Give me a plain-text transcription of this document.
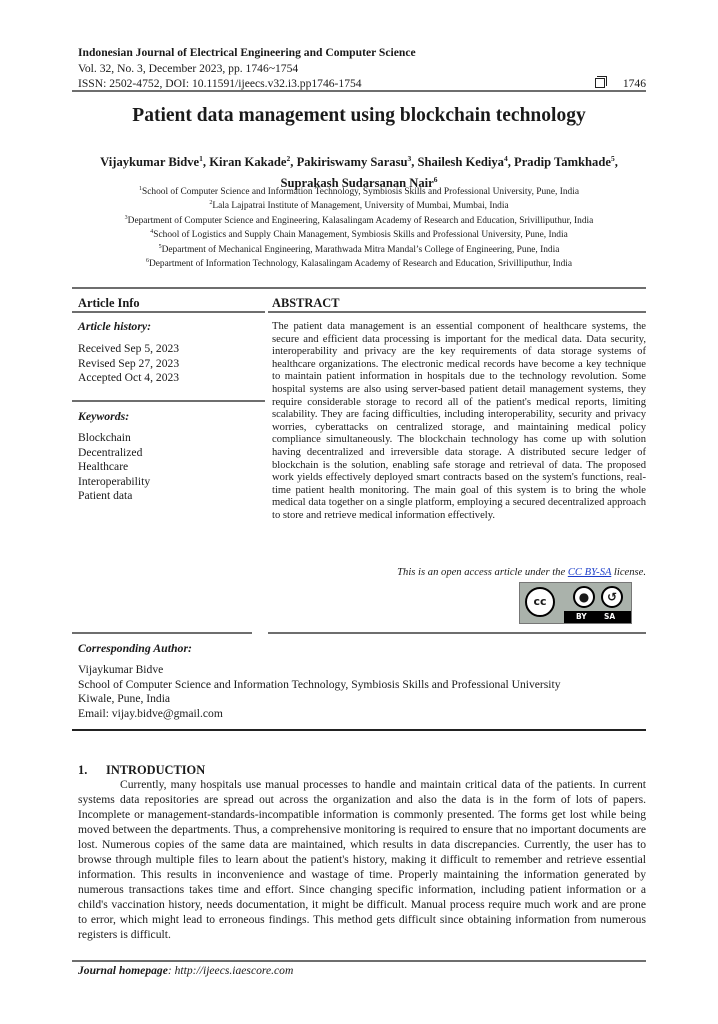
Indonesian Journal of Electrical Engineering and Computer Science
Vol. 32, No. 3, December 2023, pp. 1746~1754
ISSN: 2502-4752, DOI: 10.11591/ijeecs.v32.i3.pp1746-1754	1746
Patient data management using blockchain technology
Vijaykumar Bidve$^1$, Kiran Kakade$^2$, Pakiriswamy Sarasu$^3$, Shailesh Kediya$^4$, Pradip Tamkhade$^5$,
Suprakash Sudarsanan Nair$^6$
$^1$School of Computer Science and Information Technology, Symbiosis Skills and Professional University, Pune, India
$^2$Lala Lajpatrai Institute of Management, University of Mumbai, Mumbai, India
$^3$Department of Computer Science and Engineering, Kalasalingam Academy of Research and Education, Srivilliputhur, India
$^4$School of Logistics and Supply Chain Management, Symbiosis Skills and Professional University, Pune, India
$^5$Department of Mechanical Engineering, Marathwada Mitra Mandal’s College of Engineering, Pune, India
$^6$Department of Information Technology, Kalasalingam Academy of Research and Education, Srivilliputhur, India
Article Info
Article history:
Received Sep 5, 2023
Revised Sep 27, 2023
Accepted Oct 4, 2023
Keywords:
Blockchain
Decentralized
Healthcare
Interoperability
Patient data
ABSTRACT
The patient data management is an essential component of healthcare systems, the secure and efficient data processing is important for the medical data. Data security, interoperability and privacy are the key requirements of data storage systems of healthcare organizations. The electronic medical records have become a key technique to maintain patient information in hospitals due to the technology revolution. Some hospital systems are also using server-based patient detail management systems, they require considerable storage to record all of the patient's medical reports, limiting scalability. They are facing difficulties, including interoperability, security and privacy worries, cyberattacks on centralized storage, and maintaining medical policy compliance simultaneously. The blockchain technology has come up with solution having decentralized and irreversible data storage. A distributed secure ledger of blockchain is the solution, enabling safe storage and retrieval of data. The proposed work yields effectively deployed smart contracts based on the system's functions, real-time patient health monitoring. The main goal of this system is to bring the whole medical data together on a single platform, employing a secured decentralized approach to store and retrieve medical information effectively.
This is an open access article under the CC BY-SA license.
cc	●	↺
BY SA
Corresponding Author:
Vijaykumar Bidve
School of Computer Science and Information Technology, Symbiosis Skills and Professional University
Kiwale, Pune, India
Email: vijay.bidve@gmail.com
1. INTRODUCTION
Currently, many hospitals use manual processes to handle and maintain critical data of the patients. In current systems data repositories are spread out across the organization and also the data is in the form of lots of papers. Incomplete or management-standards-incompatible information is commonly presented. The forms get lost while being moved between the departments. Thus, a comprehensive monitoring is required to ensure that no important documents are lost. Numerous copies of the same data are maintained, which results in data discrepancies. Currently, the user has to browse through multiple files to learn about the patient's history, making it difficult to remember and retrieve essential information. This results in inconvenience and wastage of time. Properly maintaining the information generated by numerous transactions takes time and effort. Since changing specific information, including patient information or a child's vaccination history, needs documentation, it might be difficult. Manual process require much work and are prone to error, which might lead to erroneous findings. This method gets difficult since obtaining information from numerous registers is difficult.
Journal homepage: http://ijeecs.iaescore.com
